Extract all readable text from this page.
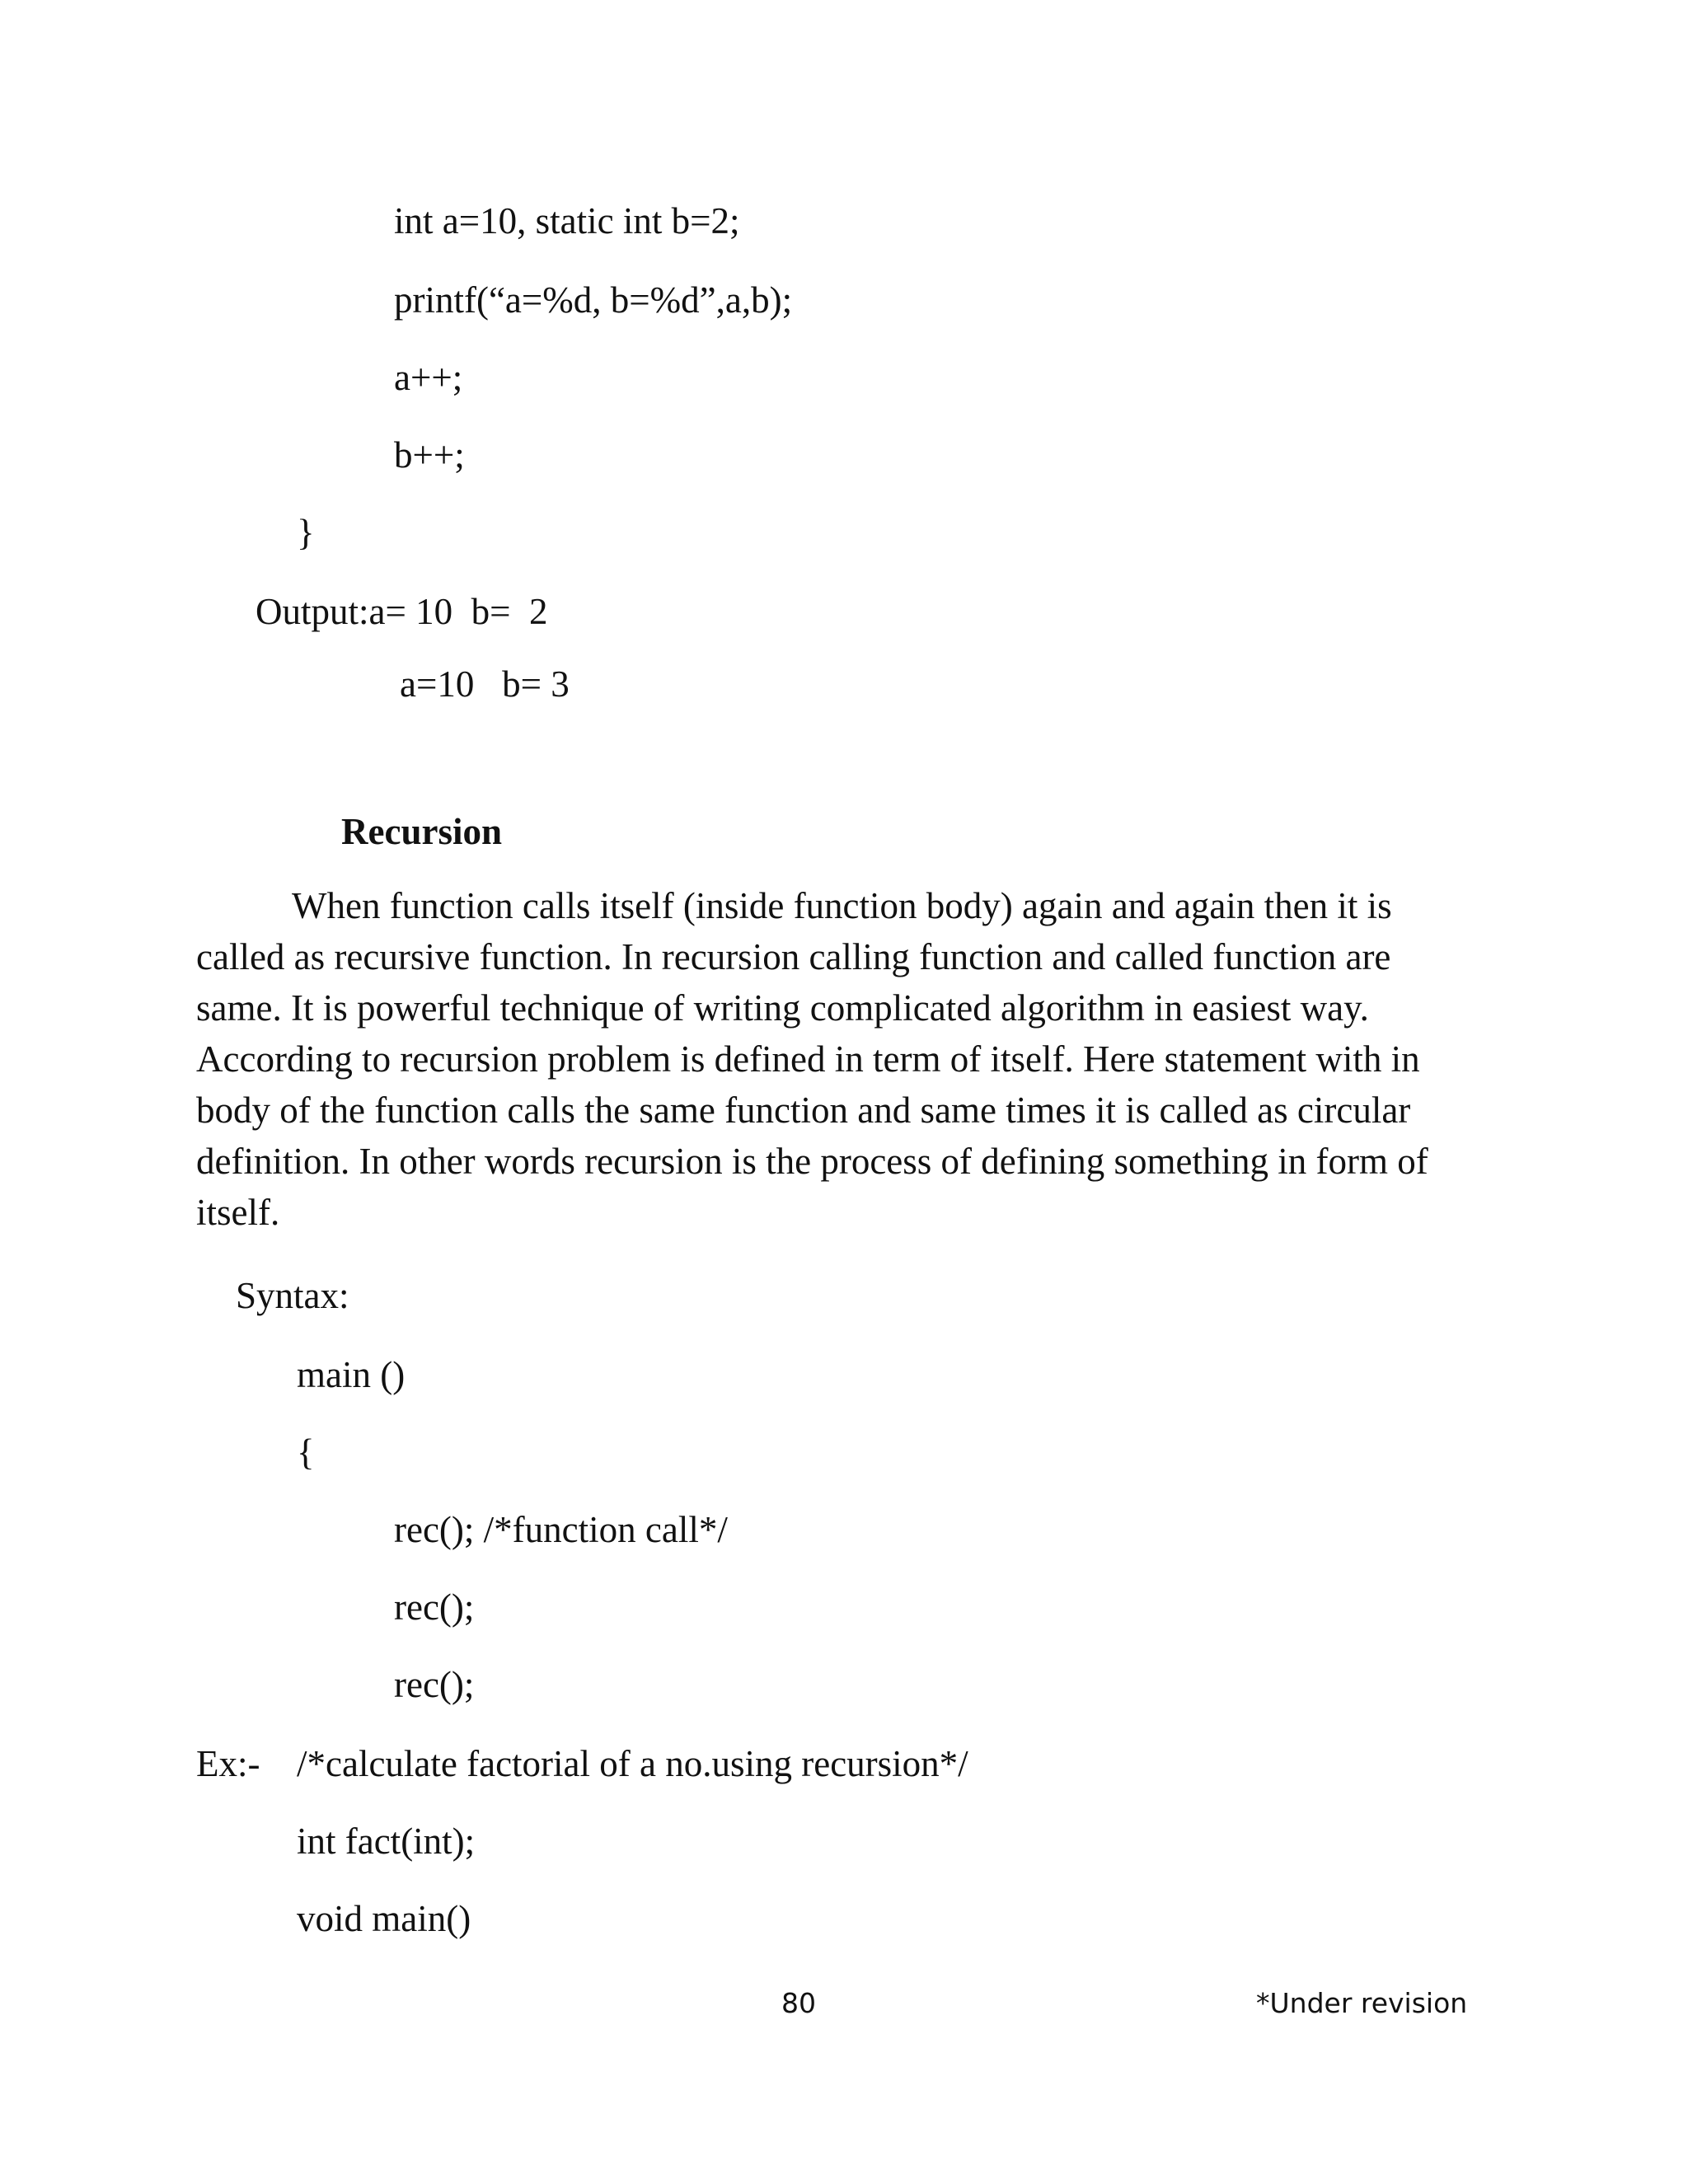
int a=10, static int b=2;
printf(“a=%d, b=%d”,a,b);
a++;
b++;
}
Output:a= 10  b=  2
a=10   b= 3
Recursion
When function calls itself (inside function body) again and again then it is
called as recursive function. In recursion calling function and called function are
same. It is powerful technique of writing complicated algorithm in easiest way.
According to recursion problem is defined in term of itself. Here statement with in
body of the function calls the same function and same times it is called as circular
definition. In other words recursion is the process of defining something in form of
itself.
Syntax:
main ()
{
rec(); /*function call*/
rec();
rec();
Ex:- /*calculate factorial of a no.using recursion*/
int fact(int);
void main()
80	*Under revision
